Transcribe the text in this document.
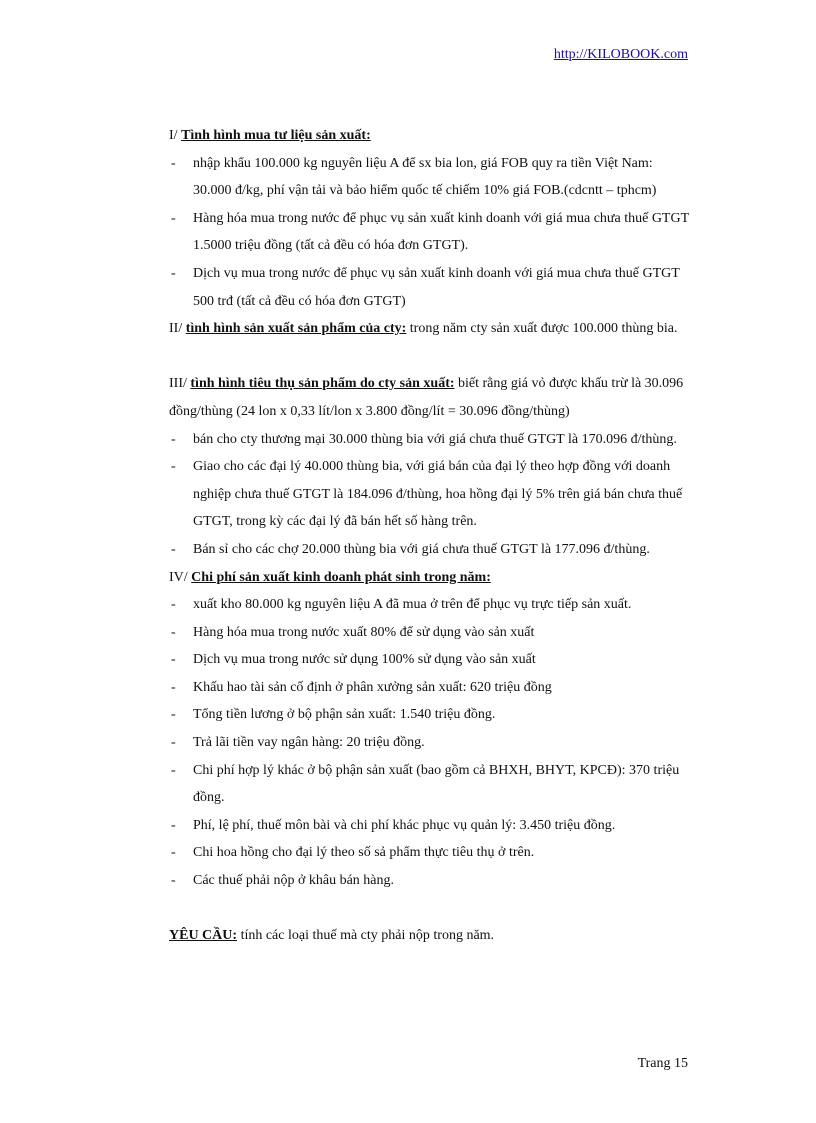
http://KILOBOOK.com

I/ Tình hình mua tư liệu sản xuất:

- nhập khẩu 100.000 kg nguyên liệu A để sx bia lon, giá FOB quy ra tiền Việt Nam: 30.000 đ/kg, phí vận tải và bảo hiểm quốc tế chiếm 10% giá FOB.(cdcntt – tphcm)

- Hàng hóa mua trong nước để phục vụ sản xuất kinh doanh với giá mua chưa thuế GTGT 1.5000 triệu đồng (tất cả đều có hóa đơn GTGT).

- Dịch vụ mua trong nước để phục vụ sản xuất kinh doanh với giá mua chưa thuế GTGT 500 trđ (tất cả đều có hóa đơn GTGT)

II/ tình hình sản xuất sản phẩm của cty: trong năm cty sản xuất được 100.000 thùng bia.

III/ tình hình tiêu thụ sản phẩm do cty sản xuất: biết rằng giá vỏ được khấu trừ là 30.096 đồng/thùng (24 lon x 0,33 lít/lon x 3.800 đồng/lít = 30.096 đồng/thùng)

- bán cho cty thương mại 30.000 thùng bia với giá chưa thuế GTGT là 170.096 đ/thùng.

- Giao cho các đại lý 40.000 thùng bia, với giá bán của đại lý theo hợp đồng với doanh nghiệp chưa thuế GTGT là 184.096 đ/thùng, hoa hồng đại lý 5% trên giá bán chưa thuế GTGT, trong kỳ các đại lý đã bán hết số hàng trên.

- Bán sỉ cho các chợ 20.000 thùng bia với giá chưa thuế GTGT là 177.096 đ/thùng.

IV/ Chi phí sản xuất kinh doanh phát sinh trong năm:

- xuất kho 80.000 kg nguyên liệu A đã mua ở trên để phục vụ trực tiếp sản xuất.

- Hàng hóa mua trong nước xuất 80% để sử dụng vào sản xuất

- Dịch vụ mua trong nước sử dụng 100% sử dụng vào sản xuất

- Khấu hao tài sản cố định ở phân xưởng sản xuất: 620 triệu đồng

- Tổng tiền lương ở bộ phận sản xuất: 1.540 triệu đồng.

- Trả lãi tiền vay ngân hàng: 20 triệu đồng.

- Chi phí hợp lý khác ở bộ phận sản xuất (bao gồm cả BHXH, BHYT, KPCĐ): 370 triệu đồng.

- Phí, lệ phí, thuế môn bài và chi phí khác phục vụ quản lý: 3.450 triệu đồng.

- Chi hoa hồng cho đại lý theo số sả phẩm thực tiêu thụ ở trên.

- Các thuế phải nộp ở khâu bán hàng.

YÊU CẦU: tính các loại thuế mà cty phải nộp trong năm.

Trang 15
